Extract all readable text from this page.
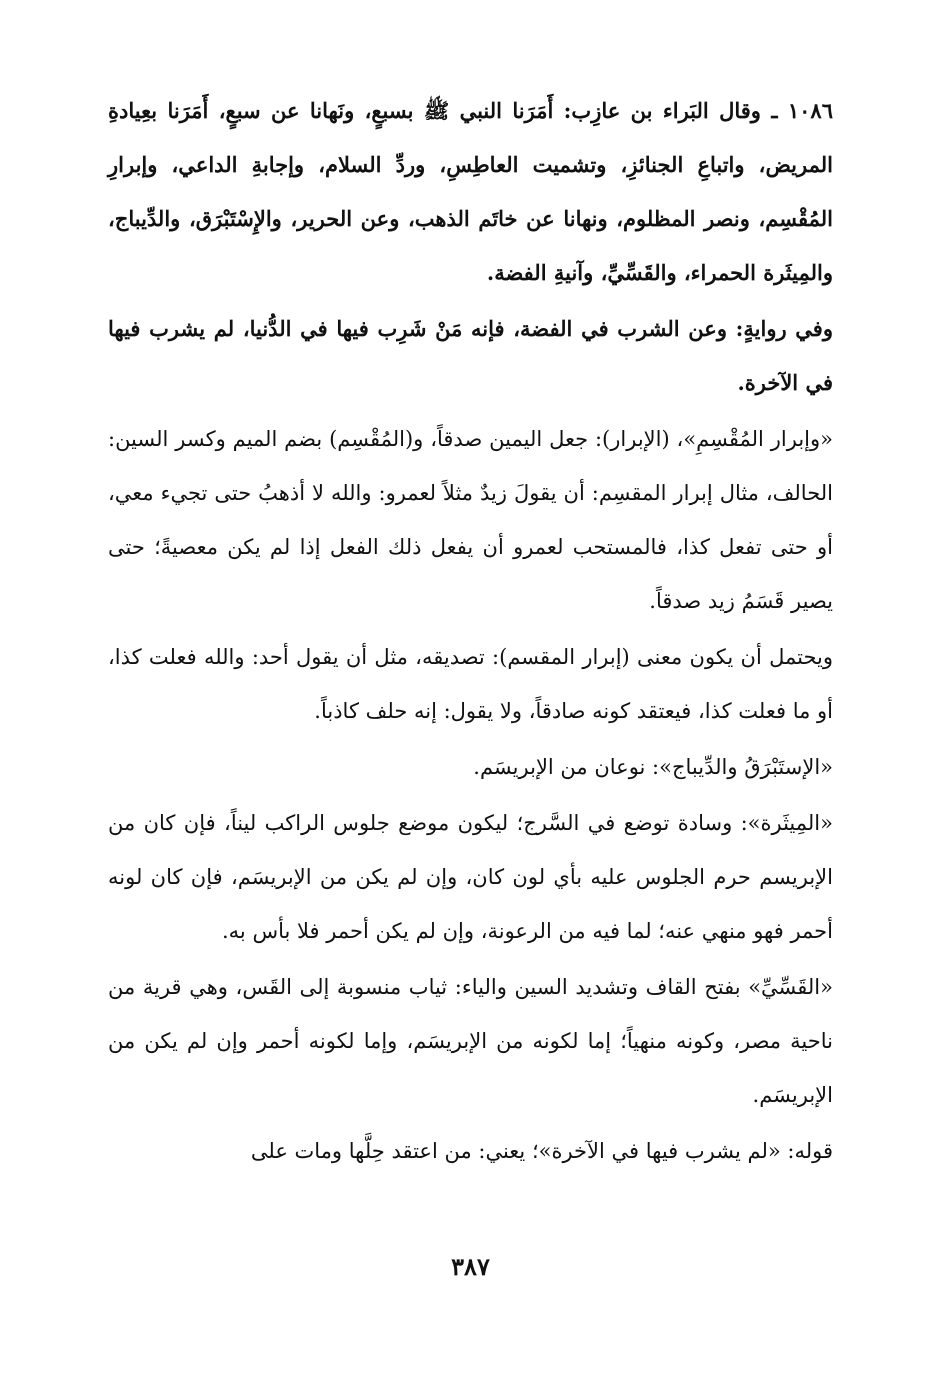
١٠٨٦ ـ وقال البَراء بن عازِب: أَمَرَنا النبي ﷺ بسبعٍ، ونَهانا عن سبعٍ، أَمَرَنا بعِيادةِ المريض، واتباعِ الجنائزِ، وتشميت العاطِسِ، وردِّ السلام، وإجابةِ الداعي، وإبرارِ المُقْسِم، ونصر المظلوم، ونهانا عن خاتَم الذهب، وعن الحرير، والإِسْتَبْرَق، والدِّيباج، والمِيثَرة الحمراء، والقَسِّيِّ، وآنيةِ الفضة.

وفي روايةٍ: وعن الشرب في الفضة، فإنه مَنْ شَرِب فيها في الدُّنيا، لم يشرب فيها في الآخرة.

«وإبرار المُقْسِمِ»، (الإبرار): جعل اليمين صدقاً، و(المُقْسِم) بضم الميم وكسر السين: الحالف، مثال إبرار المقسِم: أن يقولَ زيدٌ مثلاً لعمرو: والله لا أذهبُ حتى تجيء معي، أو حتى تفعل كذا، فالمستحب لعمرو أن يفعل ذلك الفعل إذا لم يكن معصيةً؛ حتى يصير قَسَمُ زيد صدقاً.

ويحتمل أن يكون معنى (إبرار المقسم): تصديقه، مثل أن يقول أحد: والله فعلت كذا، أو ما فعلت كذا، فيعتقد كونه صادقاً، ولا يقول: إنه حلف كاذباً.

«الإستَبْرَقُ والدِّيباج»: نوعان من الإبريسَم.

«المِيثَرة»: وسادة توضع في السَّرج؛ ليكون موضع جلوس الراكب ليناً، فإن كان من الإبريسم حرم الجلوس عليه بأي لون كان، وإن لم يكن من الإبريسَم، فإن كان لونه أحمر فهو منهي عنه؛ لما فيه من الرعونة، وإن لم يكن أحمر فلا بأس به.

«القَسِّيِّ» بفتح القاف وتشديد السين والياء: ثياب منسوبة إلى القَس، وهي قرية من ناحية مصر، وكونه منهياً؛ إما لكونه من الإبريسَم، وإما لكونه أحمر وإن لم يكن من الإبريسَم.

قوله: «لم يشرب فيها في الآخرة»؛ يعني: من اعتقد حِلَّها ومات على

٣٨٧
